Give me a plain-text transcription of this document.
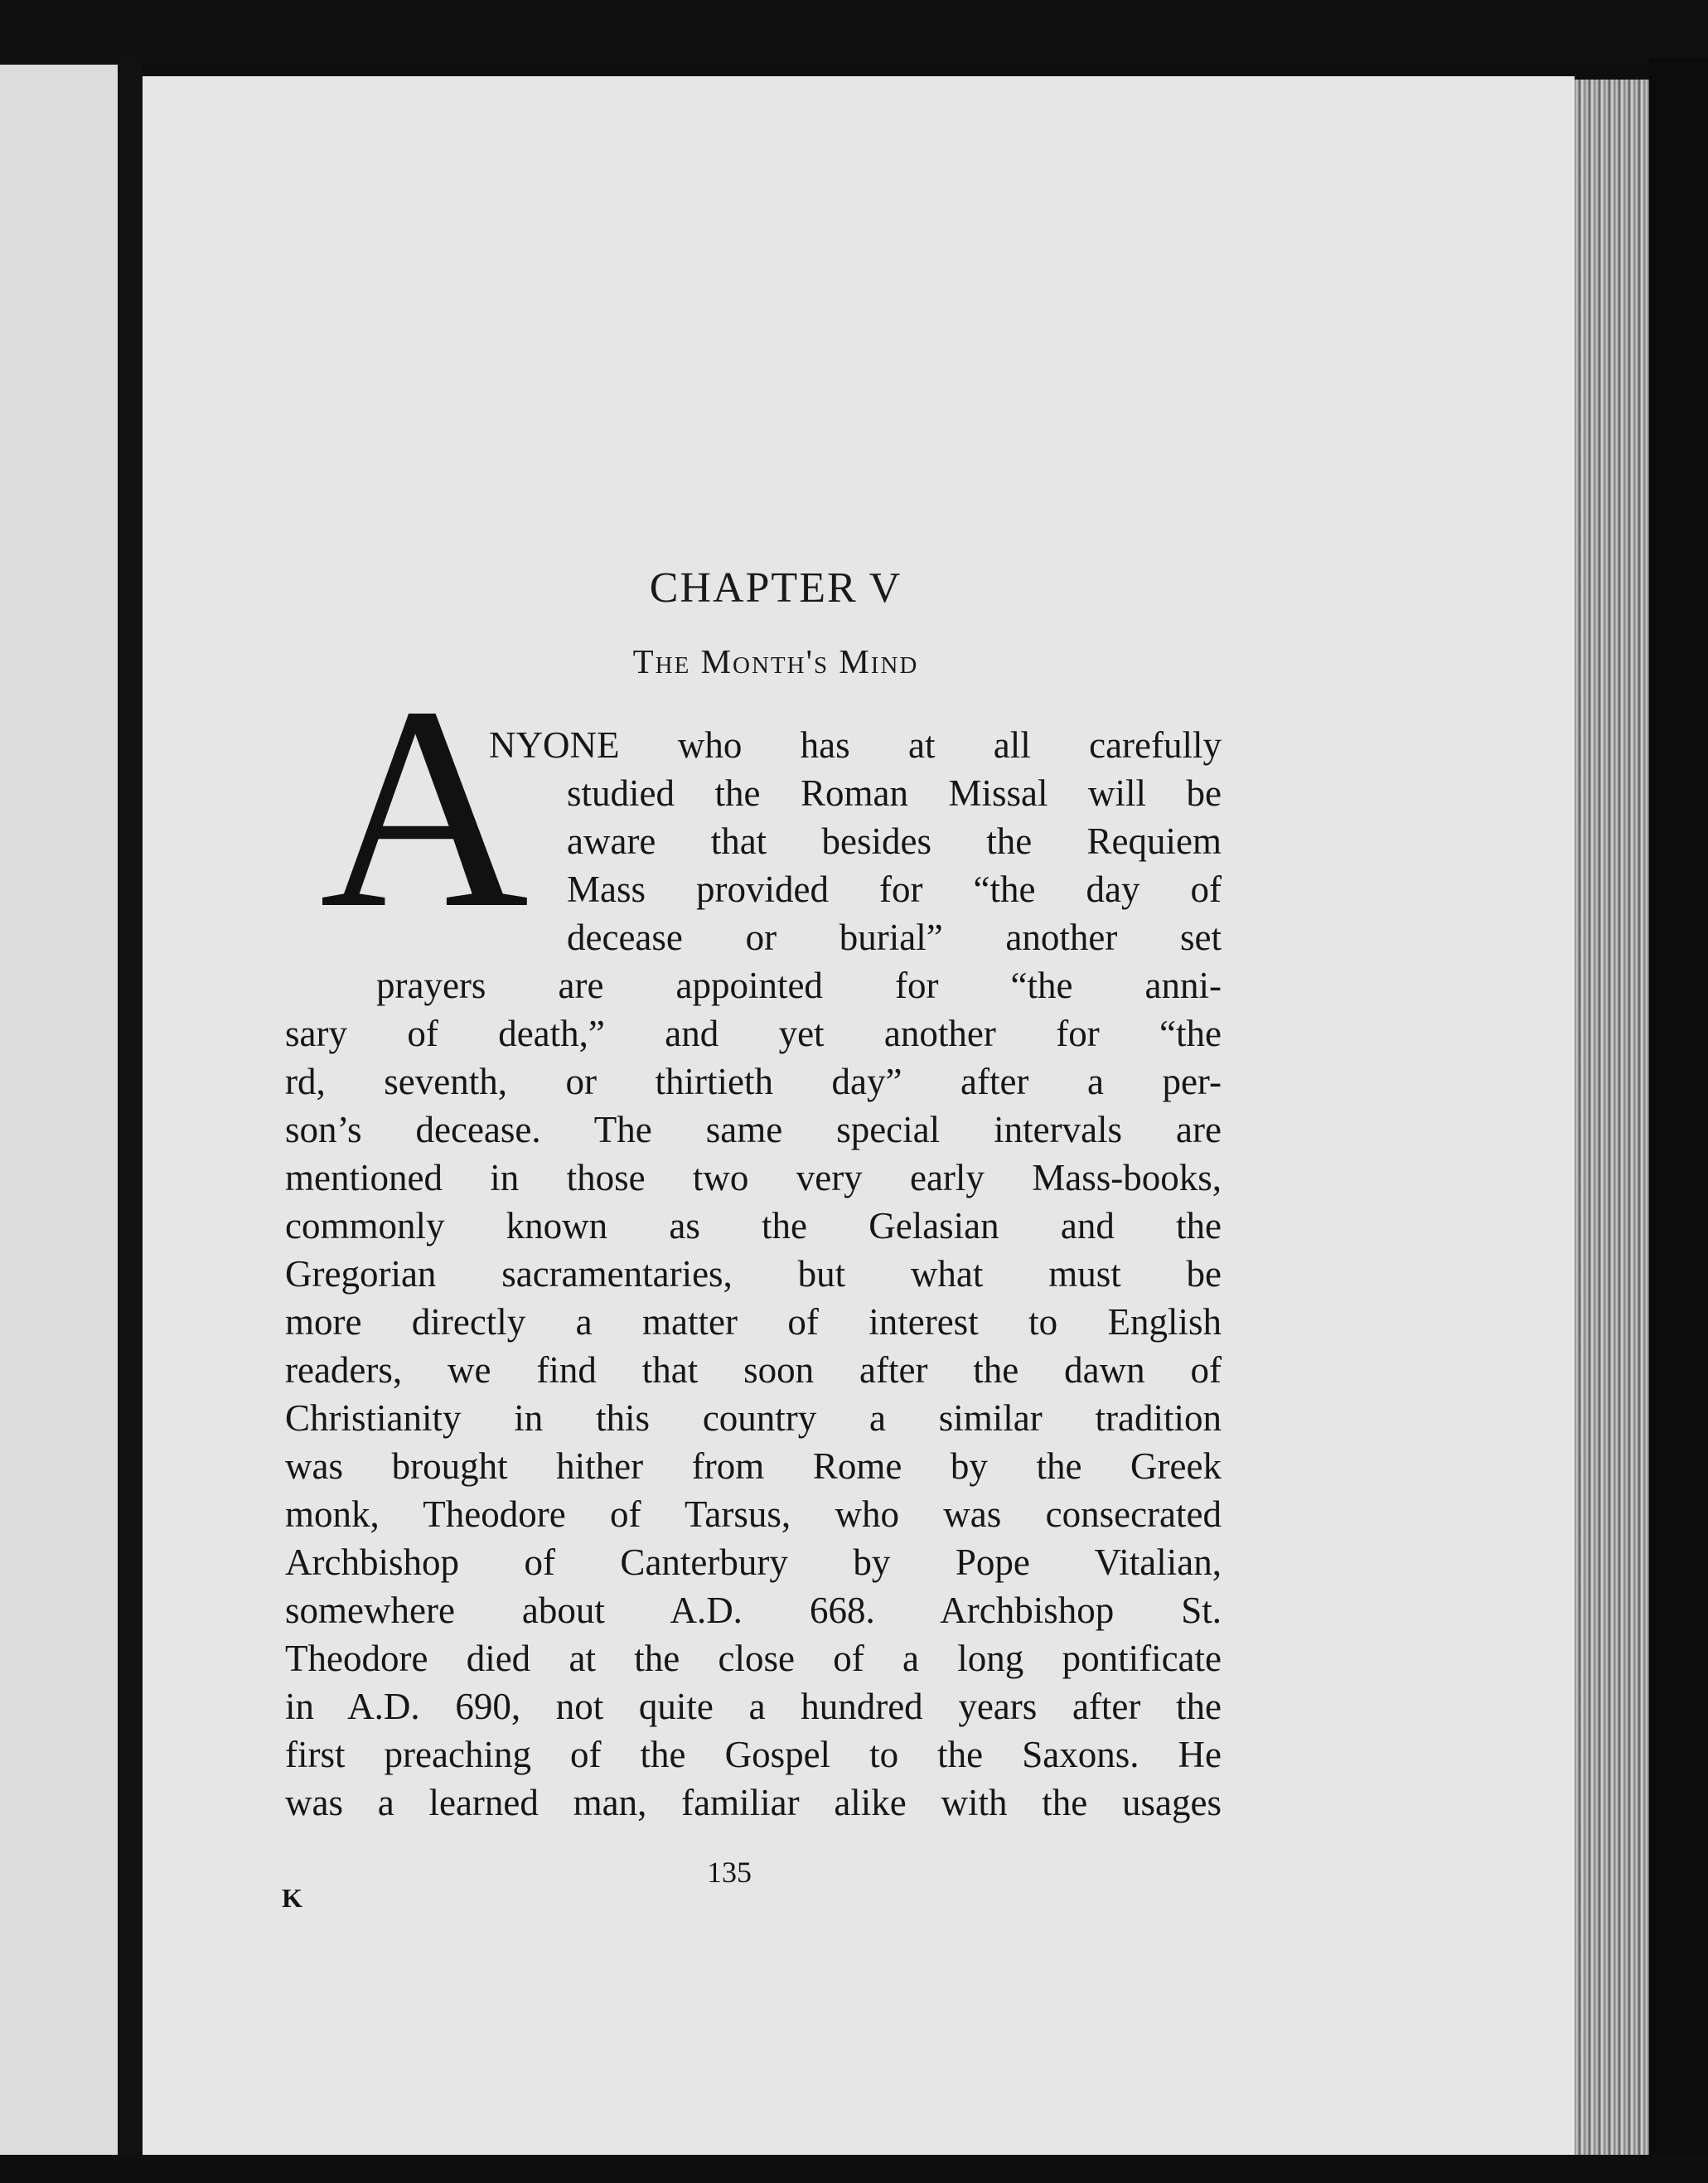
CHAPTER V
The Month's Mind
A
NYONE who has at all carefully
studied the Roman Missal will be
aware that besides the Requiem
Mass provided for “the day of
decease or burial” another set
prayers are appointed for “the anni-
sary of death,” and yet another for “the
rd, seventh, or thirtieth day” after a per-
son’s decease. The same special intervals are
mentioned in those two very early Mass-books,
commonly known as the Gelasian and the
Gregorian sacramentaries, but what must be
more directly a matter of interest to English
readers, we find that soon after the dawn of
Christianity in this country a similar tradition
was brought hither from Rome by the Greek
monk, Theodore of Tarsus, who was consecrated
Archbishop of Canterbury by Pope Vitalian,
somewhere about A.D. 668. Archbishop St.
Theodore died at the close of a long pontificate
in A.D. 690, not quite a hundred years after the
first preaching of the Gospel to the Saxons. He
was a learned man, familiar alike with the usages
135
K
